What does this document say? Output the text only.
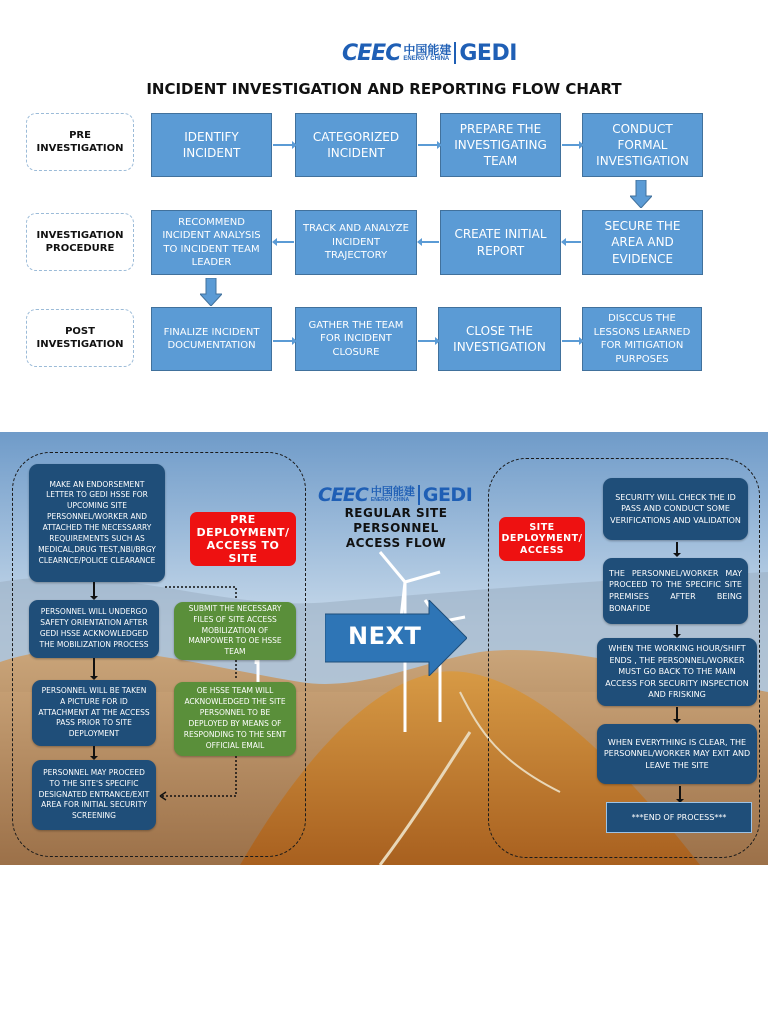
CEEC 中国能建
ENERGY CHINA GEDI
INCIDENT INVESTIGATION AND REPORTING FLOW CHART
PRE INVESTIGATION
INVESTIGATION PROCEDURE
POST INVESTIGATION
IDENTIFY INCIDENT
CATEGORIZED INCIDENT
PREPARE THE INVESTIGATING TEAM
CONDUCT FORMAL INVESTIGATION
RECOMMEND INCIDENT ANALYSIS TO INCIDENT TEAM LEADER
TRACK AND ANALYZE INCIDENT TRAJECTORY
CREATE INITIAL REPORT
SECURE THE AREA AND EVIDENCE
FINALIZE INCIDENT DOCUMENTATION
GATHER THE TEAM FOR INCIDENT CLOSURE
CLOSE THE INVESTIGATION
DISCCUS THE LESSONS LEARNED FOR MITIGATION PURPOSES
MAKE AN ENDORSEMENT LETTER TO GEDI HSSE FOR UPCOMING SITE PERSONNEL/WORKER AND ATTACHED THE NECESSARRY REQUIREMENTS SUCH AS MEDICAL,DRUG TEST,NBI/BRGY CLEARNCE/POLICE CLEARANCE
PERSONNEL WILL UNDERGO SAFETY ORIENTATION AFTER GEDI HSSE ACKNOWLEDGED THE MOBILIZATION PROCESS
PERSONNEL WILL BE TAKEN A PICTURE FOR ID ATTACHMENT AT THE ACCESS PASS PRIOR TO SITE DEPLOYMENT
PERSONNEL MAY PROCEED TO THE SITE'S SPECIFIC DESIGNATED ENTRANCE/EXIT AREA FOR INITIAL SECURITY SCREENING
SUBMIT THE NECESSARY FILES OF SITE ACCESS MOBILIZATION OF MANPOWER TO OE HSSE TEAM
OE HSSE TEAM WILL ACKNOWLEDGED THE SITE PERSONNEL TO BE DEPLOYED BY MEANS OF RESPONDING TO THE SENT OFFICIAL EMAIL
PRE DEPLOYMENT/ ACCESS TO SITE
SITE DEPLOYMENT/ ACCESS
CEEC 中国能建
ENERGY CHINA GEDI
REGULAR SITE PERSONNEL ACCESS FLOW
NEXT
SECURITY WILL CHECK THE ID PASS AND CONDUCT SOME VERIFICATIONS AND VALIDATION
THE PERSONNEL/WORKER MAY PROCEED TO THE SPECIFIC SITE PREMISES AFTER BEING BONAFIDE
WHEN THE WORKING HOUR/SHIFT ENDS , THE PERSONNEL/WORKER MUST GO BACK TO THE MAIN ACCESS FOR SECURITY INSPECTION AND FRISKING
WHEN EVERYTHING IS CLEAR, THE PERSONNEL/WORKER MAY EXIT AND LEAVE THE SITE
***END OF PROCESS***
